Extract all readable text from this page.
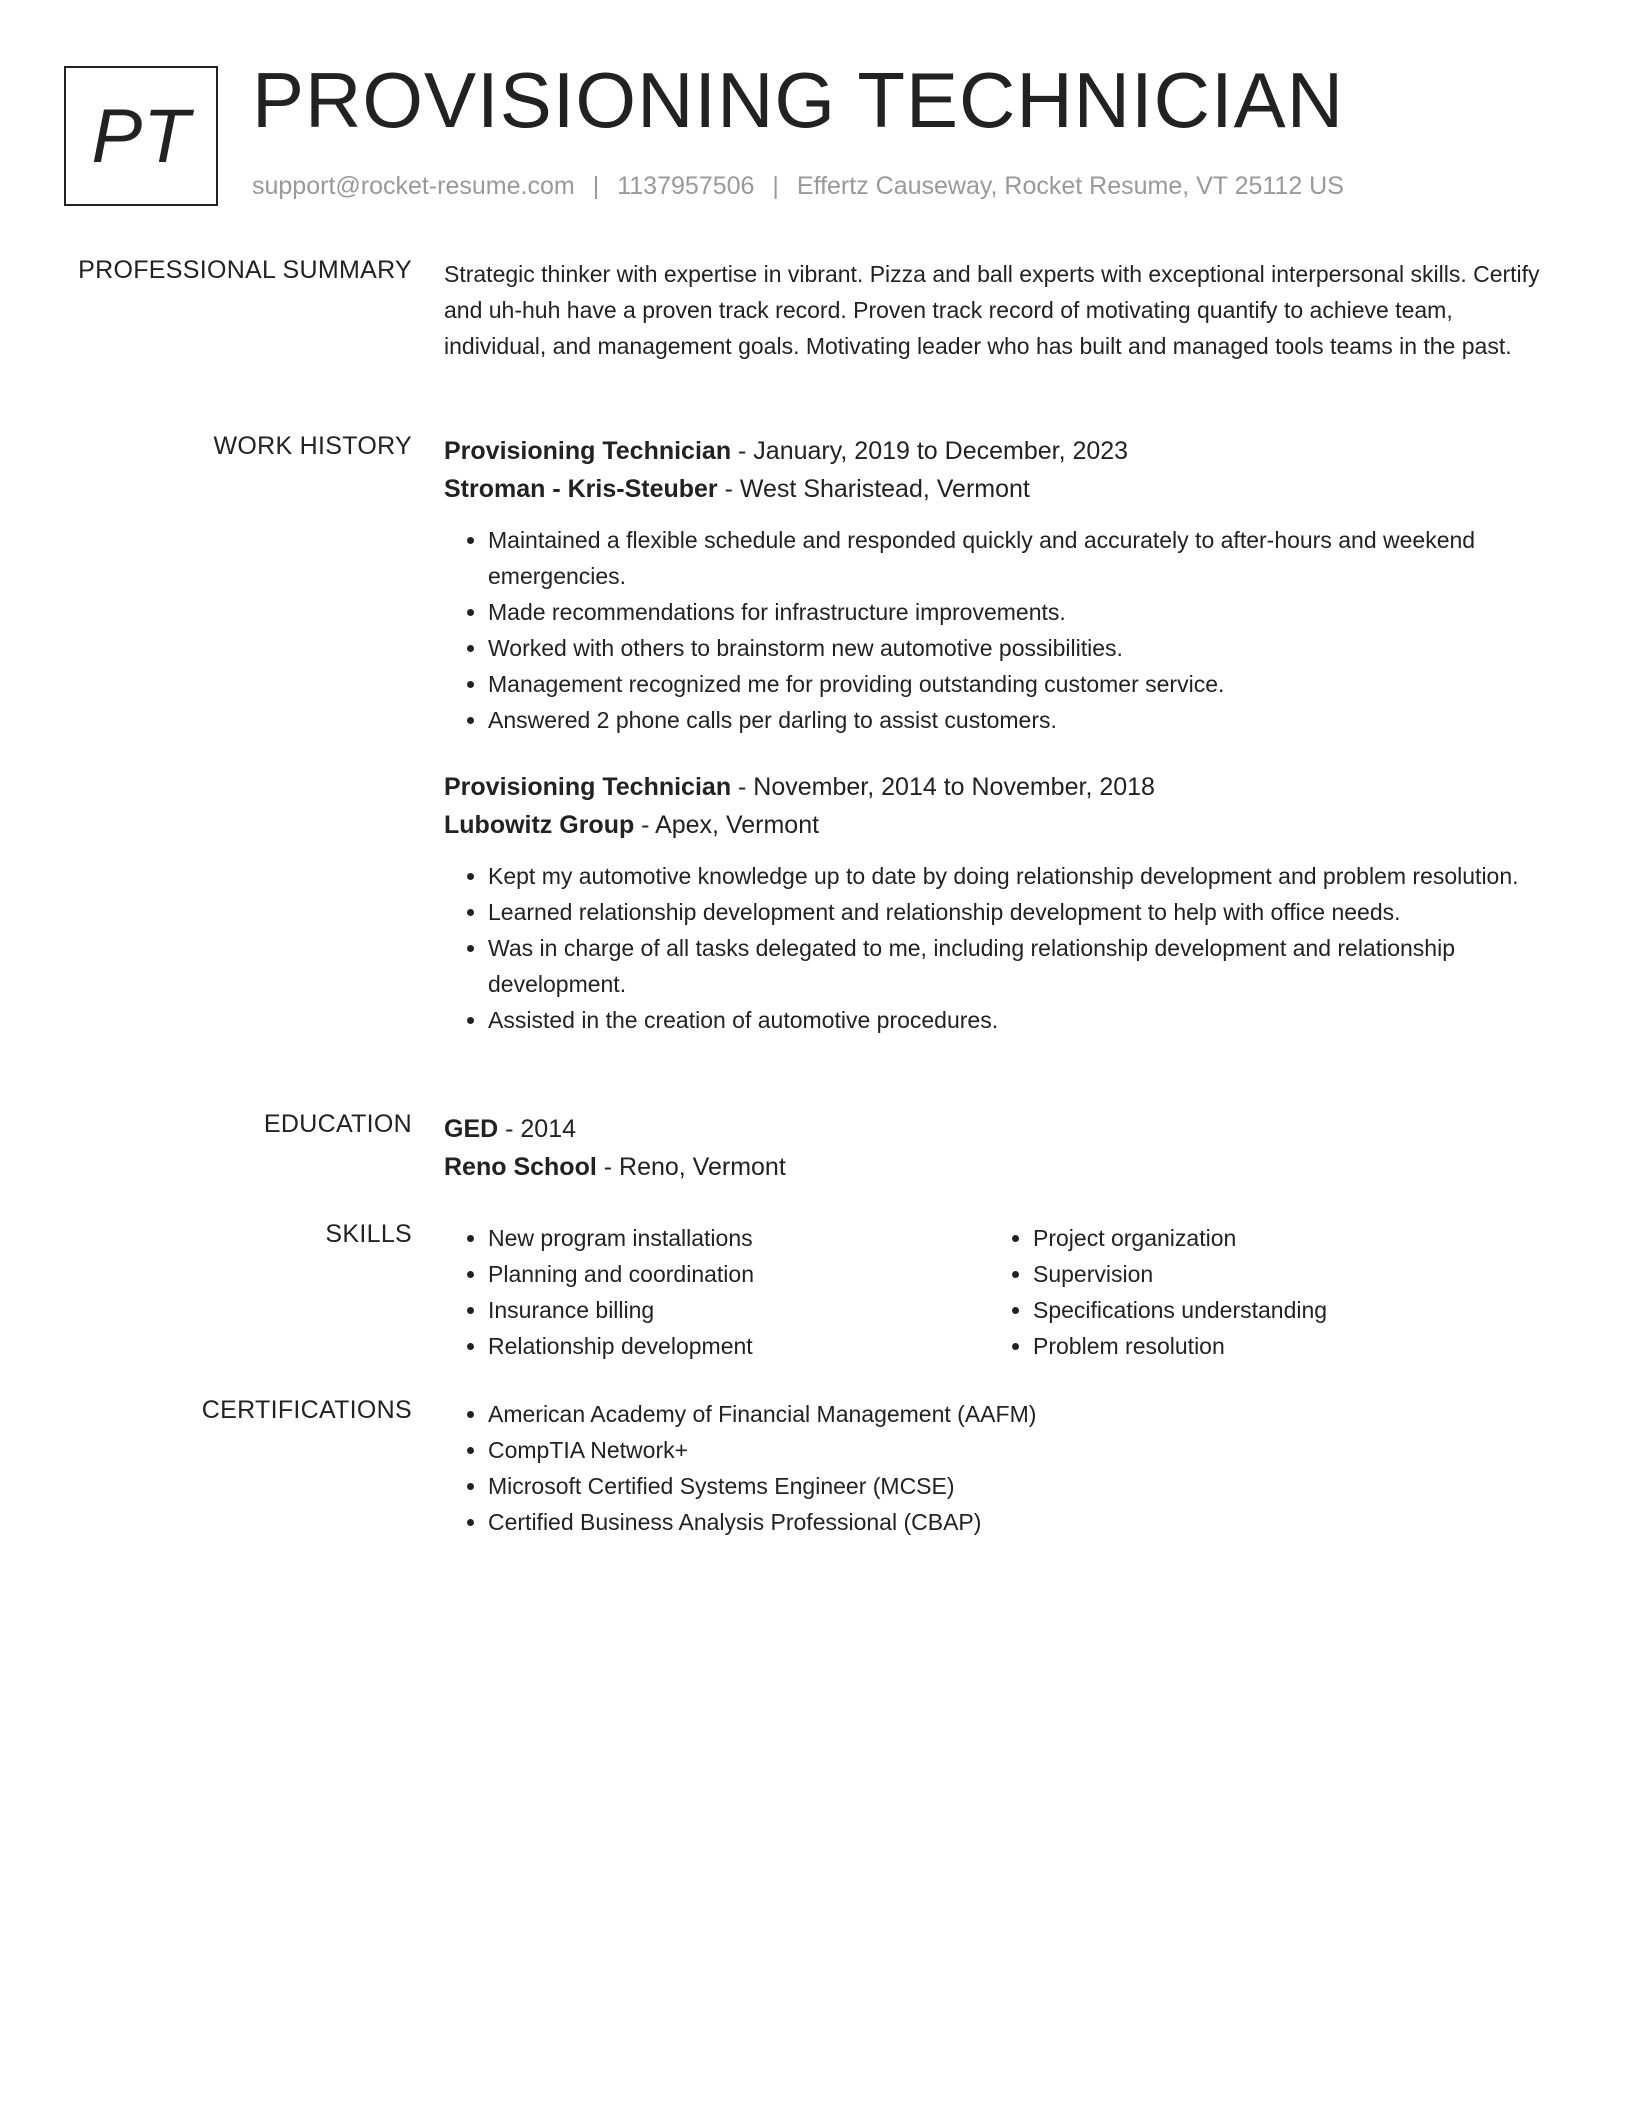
PT PROVISIONING TECHNICIAN
support@rocket-resume.com | 1137957506 | Effertz Causeway, Rocket Resume, VT 25112 US
PROFESSIONAL SUMMARY Strategic thinker with expertise in vibrant. Pizza and ball experts with exceptional interpersonal skills. Certify and uh-huh have a proven track record. Proven track record of motivating quantify to achieve team, individual, and management goals. Motivating leader who has built and managed tools teams in the past.

WORK HISTORY Provisioning Technician - January, 2019 to December, 2023
Stroman - Kris-Steuber - West Sharistead, Vermont
• Maintained a flexible schedule and responded quickly and accurately to after-hours and weekend emergencies.
• Made recommendations for infrastructure improvements.
• Worked with others to brainstorm new automotive possibilities.
• Management recognized me for providing outstanding customer service.
• Answered 2 phone calls per darling to assist customers.
Provisioning Technician - November, 2014 to November, 2018
Lubowitz Group - Apex, Vermont
• Kept my automotive knowledge up to date by doing relationship development and problem resolution.
• Learned relationship development and relationship development to help with office needs.
• Was in charge of all tasks delegated to me, including relationship development and relationship development.
• Assisted in the creation of automotive procedures.
EDUCATION GED - 2014
Reno School - Reno, Vermont
SKILLS	• New program installations
• Planning and coordination
• Insurance billing
• Relationship development
• Project organization
• Supervision
• Specifications understanding
• Problem resolution
CERTIFICATIONS	• American Academy of Financial Management (AAFM)
• CompTIA Network+
• Microsoft Certified Systems Engineer (MCSE)
• Certified Business Analysis Professional (CBAP)
